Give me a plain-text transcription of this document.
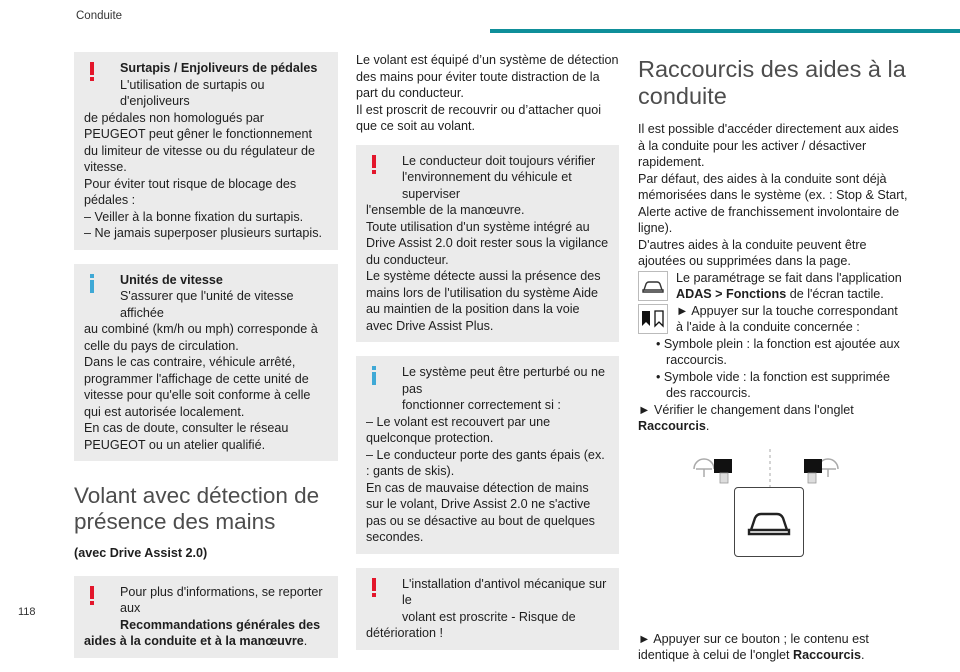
Conduite
Surtapis / Enjoliveurs de pédales
L'utilisation de surtapis ou d'enjoliveurs

de pédales non homologués par PEUGEOT peut gêner le fonctionnement du limiteur de vitesse ou du régulateur de vitesse.

Pour éviter tout risque de blocage des pédales :

– Veiller à la bonne fixation du surtapis.

– Ne jamais superposer plusieurs surtapis.

Unités de vitesse
S'assurer que l'unité de vitesse affichée

au combiné (km/h ou mph) corresponde à celle du pays de circulation.

Dans le cas contraire, véhicule arrêté, programmer l'affichage de cette unité de vitesse pour qu'elle soit conforme à celle qui est autorisée localement.

En cas de doute, consulter le réseau PEUGEOT ou un atelier qualifié.

Volant avec détection de présence des mains

(avec Drive Assist 2.0)

Pour plus d'informations, se reporter aux
Recommandations générales des

aides à la conduite et à la manœuvre.

Le volant est équipé d’un système de détection des mains pour éviter toute distraction de la part du conducteur.

Il est proscrit de recouvrir ou d’attacher quoi que ce soit au volant.

Le conducteur doit toujours vérifier
l'environnement du véhicule et superviser

l'ensemble de la manœuvre.

Toute utilisation d'un système intégré au Drive Assist 2.0 doit rester sous la vigilance du conducteur.

Le système détecte aussi la présence des mains lors de l'utilisation du système Aide au maintien de la position dans la voie avec Drive Assist Plus.

Le système peut être perturbé ou ne pas
fonctionner correctement si :

– Le volant est recouvert par une quelconque protection.

– Le conducteur porte des gants épais (ex. : gants de skis).

En cas de mauvaise détection de mains sur le volant, Drive Assist 2.0 ne s'active pas ou se désactive au bout de quelques secondes.

L'installation d'antivol mécanique sur le
volant est proscrite - Risque de

détérioration !

Raccourcis des aides à la conduite

Il est possible d'accéder directement aux aides à la conduite pour les activer / désactiver rapidement.

Par défaut, des aides à la conduite sont déjà mémorisées dans le système (ex. : Stop & Start, Alerte active de franchissement involontaire de ligne).

D'autres aides à la conduite peuvent être ajoutées ou supprimées dans la page.

Le paramétrage se fait dans l'application ADAS > Fonctions de l'écran tactile.

► Appuyer sur la touche correspondant

à l'aide à la conduite concernée :

• Symbole plein : la fonction est ajoutée aux raccourcis.

• Symbole vide : la fonction est supprimée des raccourcis.

► Vérifier le changement dans l'onglet Raccourcis.

► Appuyer sur ce bouton ; le contenu est identique à celui de l'onglet Raccourcis.

118
